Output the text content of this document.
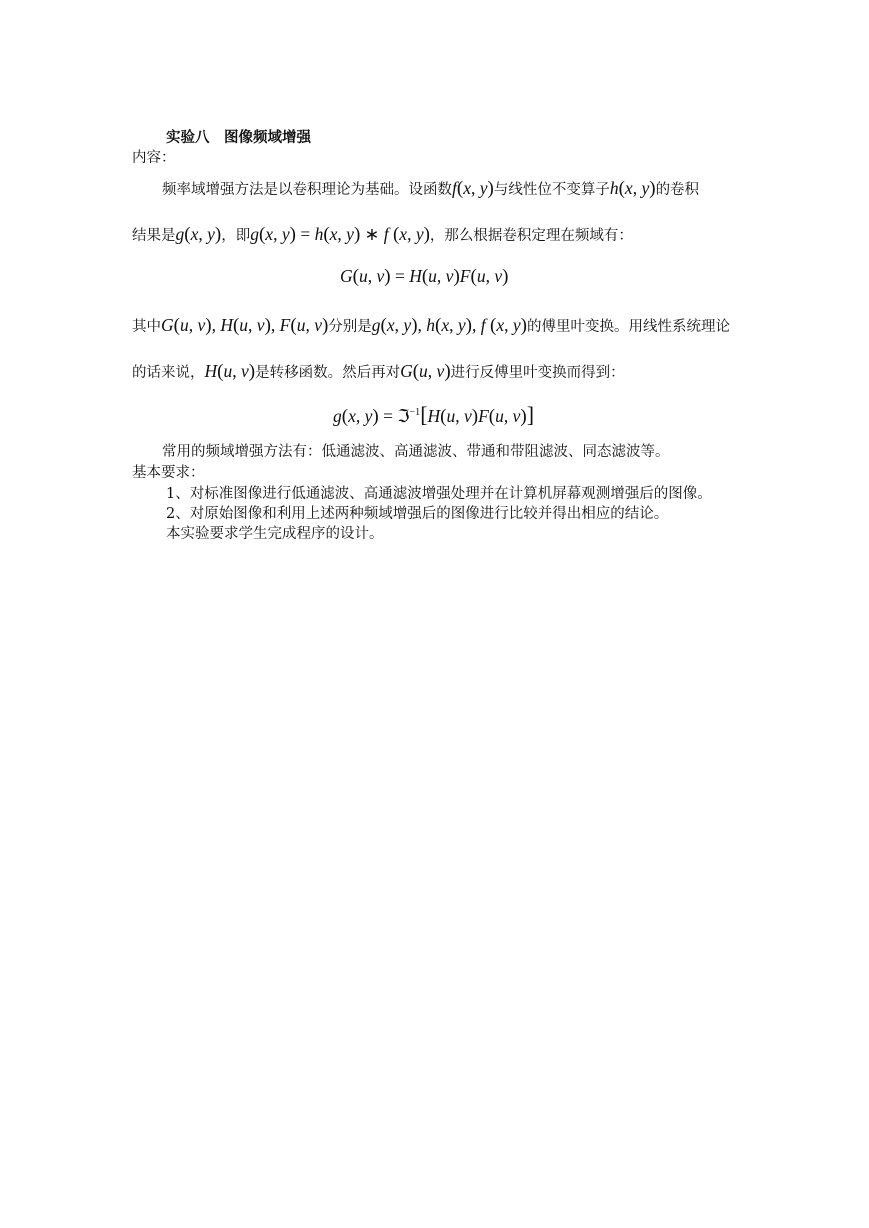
实验八　图像频域增强
内容：
频率域增强方法是以卷积理论为基础。设函数f(x, y)与线性位不变算子h(x, y)的卷积
结果是g(x, y)，即g(x, y) = h(x, y) ∗ f (x, y)，那么根据卷积定理在频域有：
G(u, v) = H(u, v)F(u, v)
其中G(u, v), H(u, v), F(u, v)分别是g(x, y), h(x, y), f (x, y)的傅里叶变换。用线性系统理论
的话来说，H(u, v)是转移函数。然后再对G(u, v)进行反傅里叶变换而得到：
g(x, y) = ℑ$^{-1}$[H(u, v)F(u, v)]
常用的频域增强方法有：低通滤波、高通滤波、带通和带阻滤波、同态滤波等。
基本要求：
1、对标准图像进行低通滤波、高通滤波增强处理并在计算机屏幕观测增强后的图像。
2、对原始图像和利用上述两种频域增强后的图像进行比较并得出相应的结论。
本实验要求学生完成程序的设计。
